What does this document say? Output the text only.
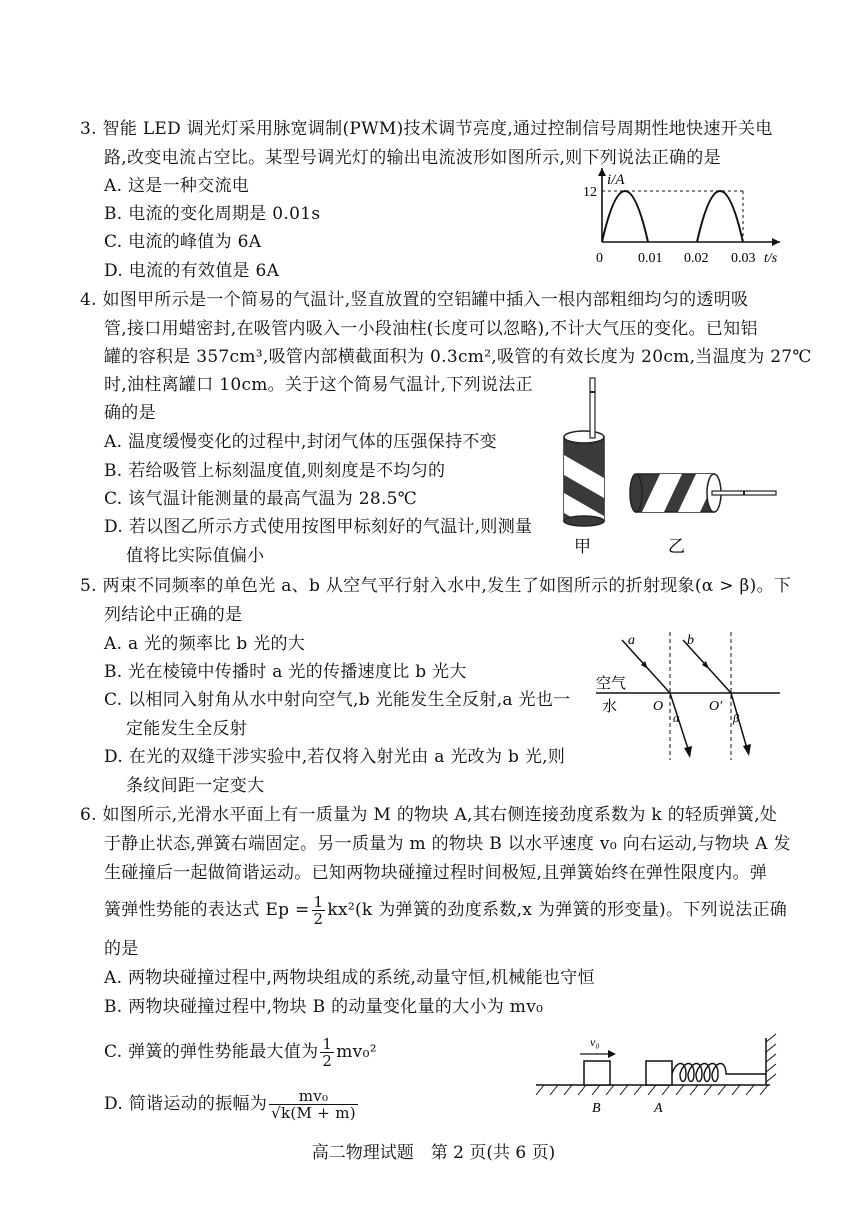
3. 智能 LED 调光灯采用脉宽调制(PWM)技术调节亮度,通过控制信号周期性地快速开关电
路,改变电流占空比。某型号调光灯的输出电流波形如图所示,则下列说法正确的是
A. 这是一种交流电
B. 电流的变化周期是 0.01s
C. 电流的峰值为 6A
D. 电流的有效值是 6A
i/A
12
0	0.01 0.02 0.03 t/s
4. 如图甲所示是一个简易的气温计,竖直放置的空铝罐中插入一根内部粗细均匀的透明吸
管,接口用蜡密封,在吸管内吸入一小段油柱(长度可以忽略),不计大气压的变化。已知铝
罐的容积是 357cm³,吸管内部横截面积为 0.3cm²,吸管的有效长度为 20cm,当温度为 27℃
时,油柱离罐口 10cm。关于这个简易气温计,下列说法正
确的是
A. 温度缓慢变化的过程中,封闭气体的压强保持不变
B. 若给吸管上标刻温度值,则刻度是不均匀的
C. 该气温计能测量的最高气温为 28.5℃
D. 若以图乙所示方式使用按图甲标刻好的气温计,则测量
值将比实际值偏小	甲	乙
5. 两束不同频率的单色光 a、b 从空气平行射入水中,发生了如图所示的折射现象(α > β)。下
列结论中正确的是
A. a 光的频率比 b 光的大
B. 光在棱镜中传播时 a 光的传播速度比 b 光大
C. 以相同入射角从水中射向空气,b 光能发生全反射,a 光也一
定能发生全反射
D. 在光的双缝干涉实验中,若仅将入射光由 a 光改为 b 光,则
条纹间距一定变大
a	b
空气
水	O	O′
α	β
6. 如图所示,光滑水平面上有一质量为 M 的物块 A,其右侧连接劲度系数为 k 的轻质弹簧,处
于静止状态,弹簧右端固定。另一质量为 m 的物块 B 以水平速度 v₀ 向右运动,与物块 A 发
生碰撞后一起做简谐运动。已知两物块碰撞过程时间极短,且弹簧始终在弹性限度内。弹
簧弹性势能的表达式 $Ep = \frac{1}{2} kx^2(k$ 为弹簧的劲度系数,x 为弹簧的形变量)。下列说法正确
的是
A. 两物块碰撞过程中,两物块组成的系统,动量守恒,机械能也守恒
B. 两物块碰撞过程中,物块 B 的动量变化量的大小为 mv₀
C. 弹簧的弹性势能最大值为 $\frac{1}{2} mv_0^2$
D. 简谐运动的振幅为 $\frac{\text{mv₀}}{√k(M + m)}$
v₀
B	A
高二物理试题　第 2 页(共 6 页)
